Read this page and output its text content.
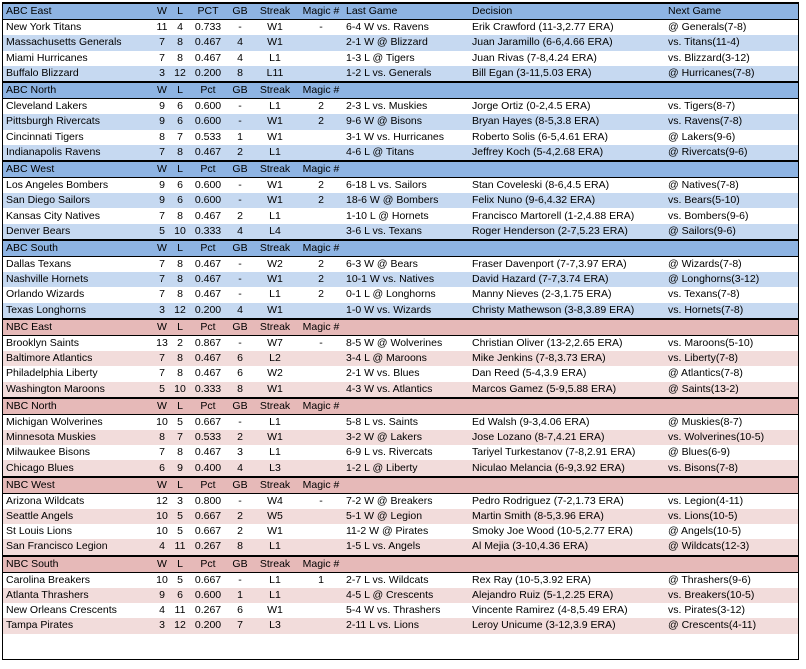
ABC East	W	L	PCT	GB	Streak	Magic #	Last Game	Decision	Next Game
New York Titans	11	4	0.733	-	W1	-	6-4 W vs. Ravens	Erik Crawford (11-3,2.77 ERA)	@ Generals(7-8)
Massachusetts Generals	7	8	0.467	4	W1		2-1 W @ Blizzard	Juan Jaramillo (6-6,4.66 ERA)	vs. Titans(11-4)
Miami Hurricanes	7	8	0.467	4	L1		1-3 L @ Tigers	Juan Rivas (7-8,4.24 ERA)	vs. Blizzard(3-12)
Buffalo Blizzard	3	12	0.200	8	L11		1-2 L vs. Generals	Bill Egan (3-11,5.03 ERA)	@ Hurricanes(7-8)
ABC North	W	L	Pct	GB	Streak	Magic #			
Cleveland Lakers	9	6	0.600	-	L1	2	2-3 L vs. Muskies	Jorge Ortiz (0-2,4.5 ERA)	vs. Tigers(8-7)
Pittsburgh Rivercats	9	6	0.600	-	W1	2	9-6 W @ Bisons	Bryan Hayes (8-5,3.8 ERA)	vs. Ravens(7-8)
Cincinnati Tigers	8	7	0.533	1	W1		3-1 W vs. Hurricanes	Roberto Solis (6-5,4.61 ERA)	@ Lakers(9-6)
Indianapolis Ravens	7	8	0.467	2	L1		4-6 L @ Titans	Jeffrey Koch (5-4,2.68 ERA)	@ Rivercats(9-6)
ABC West	W	L	Pct	GB	Streak	Magic #			
Los Angeles Bombers	9	6	0.600	-	W1	2	6-18 L vs. Sailors	Stan Coveleski (8-6,4.5 ERA)	@ Natives(7-8)
San Diego Sailors	9	6	0.600	-	W1	2	18-6 W @ Bombers	Felix Nuno (9-6,4.32 ERA)	vs. Bears(5-10)
Kansas City Natives	7	8	0.467	2	L1		1-10 L @ Hornets	Francisco Martorell (1-2,4.88 ERA)	vs. Bombers(9-6)
Denver Bears	5	10	0.333	4	L4		3-6 L vs. Texans	Roger Henderson (2-7,5.23 ERA)	@ Sailors(9-6)
ABC South	W	L	Pct	GB	Streak	Magic #			
Dallas Texans	7	8	0.467	-	W2	2	6-3 W @ Bears	Fraser Davenport (7-7,3.97 ERA)	@ Wizards(7-8)
Nashville Hornets	7	8	0.467	-	W1	2	10-1 W vs. Natives	David Hazard (7-7,3.74 ERA)	@ Longhorns(3-12)
Orlando Wizards	7	8	0.467	-	L1	2	0-1 L @ Longhorns	Manny Nieves (2-3,1.75 ERA)	vs. Texans(7-8)
Texas Longhorns	3	12	0.200	4	W1		1-0 W vs. Wizards	Christy Mathewson (3-8,3.89 ERA)	vs. Hornets(7-8)
NBC East	W	L	Pct	GB	Streak	Magic #			
Brooklyn Saints	13	2	0.867	-	W7	-	8-5 W @ Wolverines	Christian Oliver (13-2,2.65 ERA)	vs. Maroons(5-10)
Baltimore Atlantics	7	8	0.467	6	L2		3-4 L @ Maroons	Mike Jenkins (7-8,3.73 ERA)	vs. Liberty(7-8)
Philadelphia Liberty	7	8	0.467	6	W2		2-1 W vs. Blues	Dan Reed (5-4,3.9 ERA)	@ Atlantics(7-8)
Washington Maroons	5	10	0.333	8	W1		4-3 W vs. Atlantics	Marcos Gamez (5-9,5.88 ERA)	@ Saints(13-2)
NBC North	W	L	Pct	GB	Streak	Magic #			
Michigan Wolverines	10	5	0.667	-	L1		5-8 L vs. Saints	Ed Walsh (9-3,4.06 ERA)	@ Muskies(8-7)
Minnesota Muskies	8	7	0.533	2	W1		3-2 W @ Lakers	Jose Lozano (8-7,4.21 ERA)	vs. Wolverines(10-5)
Milwaukee Bisons	7	8	0.467	3	L1		6-9 L vs. Rivercats	Tariyel Turkestanov (7-8,2.91 ERA)	@ Blues(6-9)
Chicago Blues	6	9	0.400	4	L3		1-2 L @ Liberty	Niculao Melancia (6-9,3.92 ERA)	vs. Bisons(7-8)
NBC West	W	L	Pct	GB	Streak	Magic #			
Arizona Wildcats	12	3	0.800	-	W4	-	7-2 W @ Breakers	Pedro Rodriguez (7-2,1.73 ERA)	vs. Legion(4-11)
Seattle Angels	10	5	0.667	2	W5		5-1 W @ Legion	Martin Smith (8-5,3.96 ERA)	vs. Lions(10-5)
St Louis Lions	10	5	0.667	2	W1		11-2 W @ Pirates	Smoky Joe Wood (10-5,2.77 ERA)	@ Angels(10-5)
San Francisco Legion	4	11	0.267	8	L1		1-5 L vs. Angels	Al Mejia (3-10,4.36 ERA)	@ Wildcats(12-3)
NBC South	W	L	Pct	GB	Streak	Magic #			
Carolina Breakers	10	5	0.667	-	L1	1	2-7 L vs. Wildcats	Rex Ray (10-5,3.92 ERA)	@ Thrashers(9-6)
Atlanta Thrashers	9	6	0.600	1	L1		4-5 L @ Crescents	Alejandro Ruiz (5-1,2.25 ERA)	vs. Breakers(10-5)
New Orleans Crescents	4	11	0.267	6	W1		5-4 W vs. Thrashers	Vincente Ramirez (4-8,5.49 ERA)	vs. Pirates(3-12)
Tampa Pirates	3	12	0.200	7	L3		2-11 L vs. Lions	Leroy Unicume (3-12,3.9 ERA)	@ Crescents(4-11)
